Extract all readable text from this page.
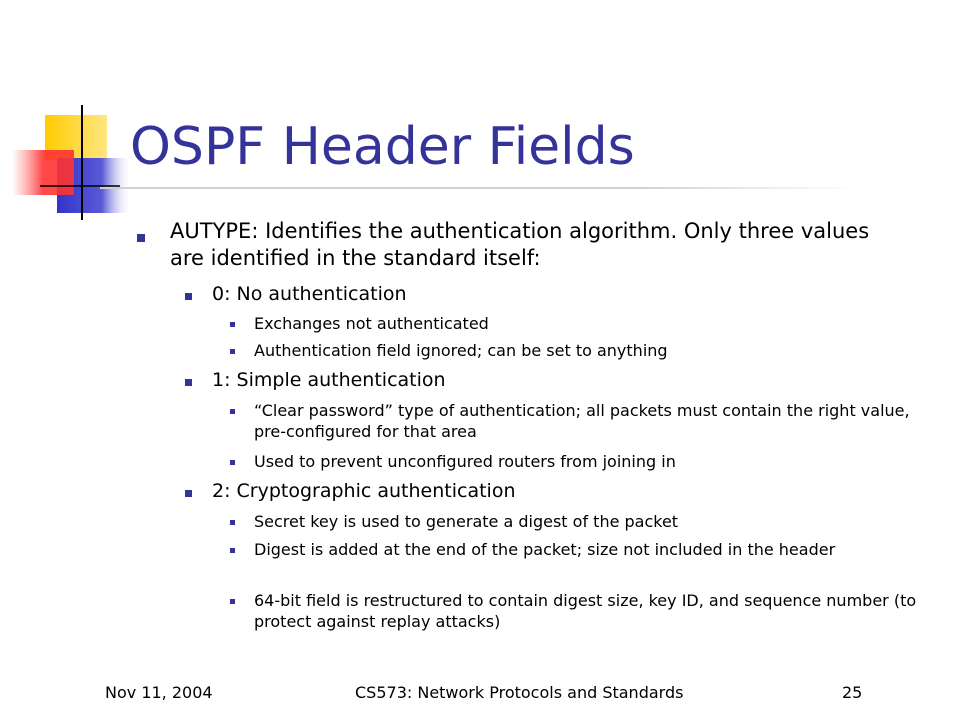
OSPF Header Fields
AUTYPE: Identifies the authentication algorithm. Only three values are identified in the standard itself:
0: No authentication
Exchanges not authenticated
Authentication field ignored; can be set to anything
1: Simple authentication
“Clear password” type of authentication; all packets must contain the right value, pre-configured for that area
Used to prevent unconfigured routers from joining in
2: Cryptographic authentication
Secret key is used to generate a digest of the packet
Digest is added at the end of the packet; size not included in the header
64-bit field is restructured to contain digest size, key ID, and sequence number (to protect against replay attacks)
Nov 11, 2004	CS573: Network Protocols and Standards	25
